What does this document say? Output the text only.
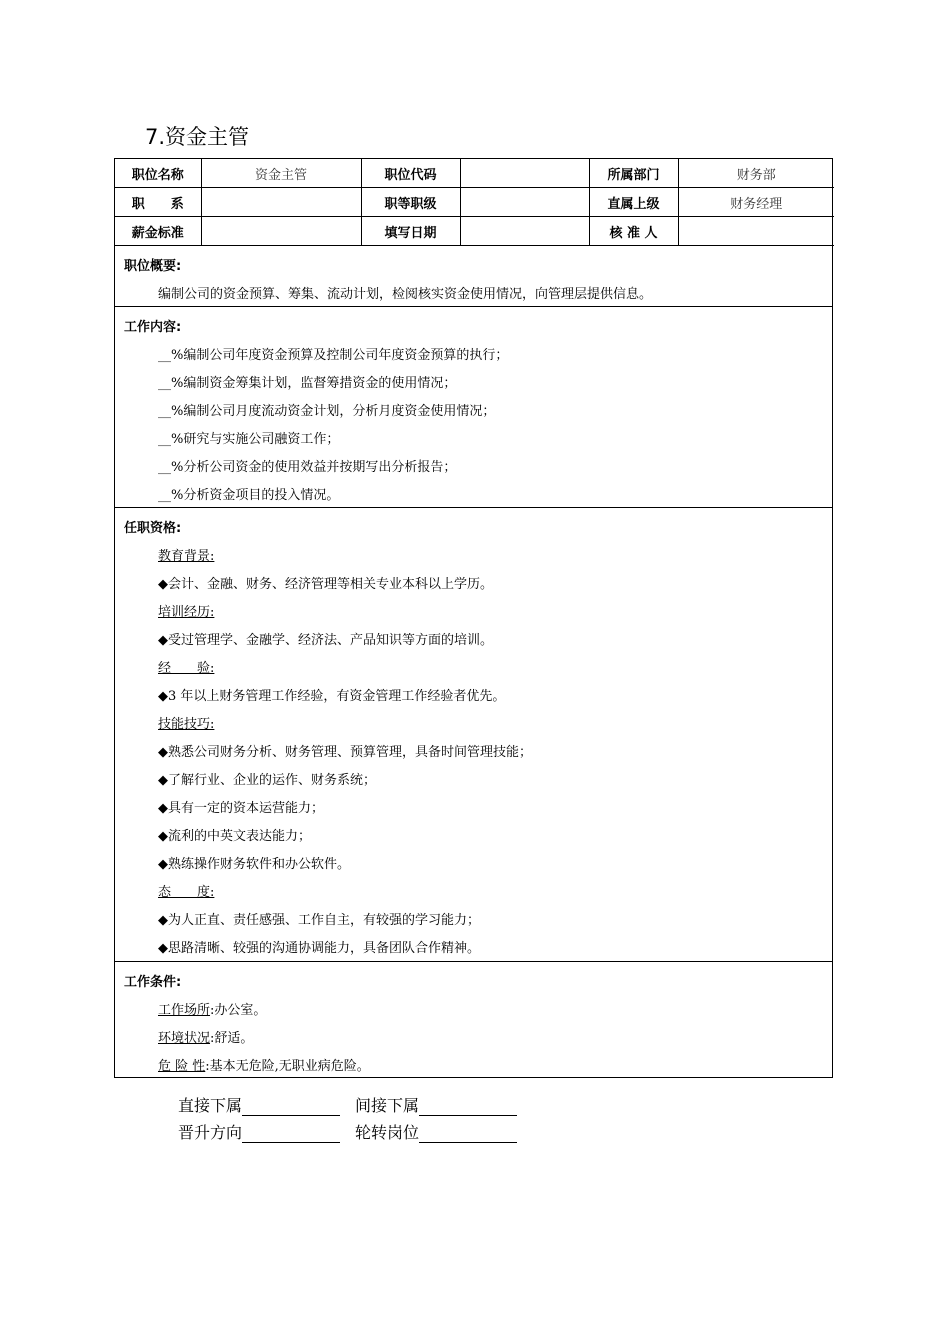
7.资金主管
职位名称	资金主管	职位代码		所属部门	财务部
职　　系		职等职级		直属上级	财务经理
薪金标准		填写日期		核 准 人	
职位概要:
编制公司的资金预算、筹集、流动计划，检阅核实资金使用情况，向管理层提供信息。
工作内容:
__%编制公司年度资金预算及控制公司年度资金预算的执行；
__%编制资金筹集计划，监督筹措资金的使用情况；
__%编制公司月度流动资金计划，分析月度资金使用情况；
__%研究与实施公司融资工作；
__%分析公司资金的使用效益并按期写出分析报告；
__%分析资金项目的投入情况。
任职资格:
教育背景:
◆会计、金融、财务、经济管理等相关专业本科以上学历。
培训经历:
◆受过管理学、金融学、经济法、产品知识等方面的培训。
经　　验:
◆3 年以上财务管理工作经验，有资金管理工作经验者优先。
技能技巧:
◆熟悉公司财务分析、财务管理、预算管理，具备时间管理技能；
◆了解行业、企业的运作、财务系统；
◆具有一定的资本运营能力；
◆流利的中英文表达能力；
◆熟练操作财务软件和办公软件。
态　　度:
◆为人正直、责任感强、工作自主，有较强的学习能力；
◆思路清晰、较强的沟通协调能力，具备团队合作精神。
工作条件:
工作场所:办公室。
环境状况:舒适。
危 险 性:基本无危险,无职业病危险。
直接下属	间接下属
晋升方向	轮转岗位
